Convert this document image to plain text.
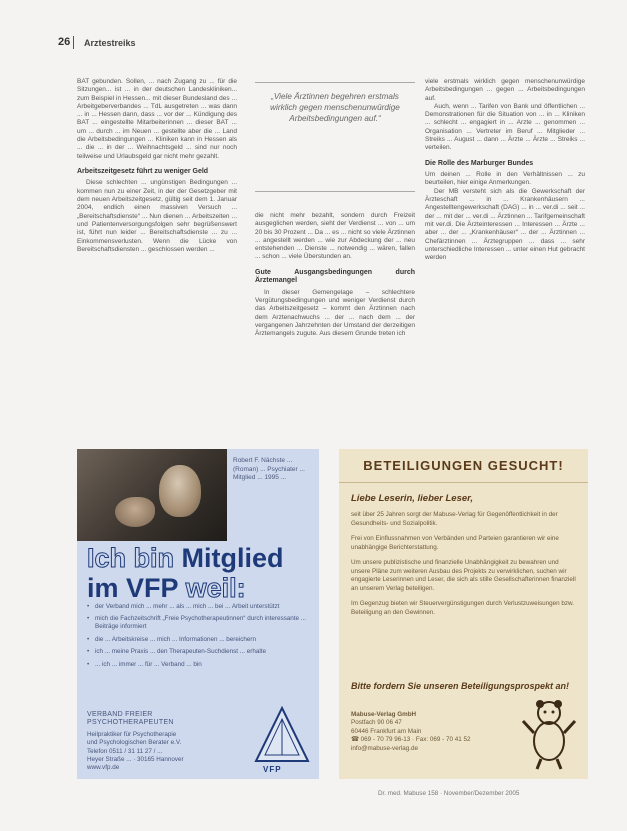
26 Arztestreiks

BAT gebunden. Sollen, ... nach Zugang zu ... für die Sitzungen... ist ... in der deutschen Landeskliniken... zum Beispiel in Hessen... mit dieser Bundesland des ... Arbeitgeberverbandes ... TdL ausgetreten ... was dann ... in ... Hessen dann, dass ... vor der ... Kündigung des BAT ... eingestellte Mitarbeiterinnen ... dieser BAT ... um ... durch ... im Neuen ... gestellte aber die ... Land die Arbeitsbedingungen ... Kliniken kann in Hessen als ... die ... in der ... Weihnachtsgeld ... sind nur noch teilweise und Urlaubsgeld gar nicht mehr gezahlt.

Arbeitszeitgesetz führt zu weniger Geld

Diese schlechten ... ungünstigen Bedingungen ... kommen nun zu einer Zeit, in der der Gesetzgeber mit dem neuen Arbeitszeitgesetz, gültig seit dem 1. Januar 2004, endlich einen massiven Versuch ... „Bereitschaftsdienste“ ... Nun dienen ... Arbeitszeiten ... und Patientenversorgungsfolgen sehr begrüßenswert ist, führt nun leider ... Bereitschaftsdienste ... zu ... Einkommensverlusten. Wenn die Lücke von Bereitschaftsdiensten ... geschlossen werden ...

„Viele Ärztinnen begehren erstmals wirklich gegen menschenunwürdige Arbeitsbedingungen auf.“

die nicht mehr bezahlt, sondern durch Freizeit ausgeglichen werden, sieht der Verdienst ... von ... um 20 bis 30 Prozent ... Da ... es ... nicht so viele Ärztinnen ... angestellt werden ... wie zur Abdeckung der ... neu entstehenden ... Dienste ... notwendig ... wären, fallen ... schon ... viele Überstunden an.

Gute Ausgangsbedingungen durch Ärztemangel

In dieser Gemengelage – schlechtere Vergütungsbedingungen und weniger Verdienst durch das Arbeitszeitgesetz – kommt den Ärztinnen nach dem Arztenachwuchs ... der ... nach dem ... der vergangenen Jahrzehnten der Umstand der derzeitigen Ärztemangels zugute. Aus diesem Grunde treten ich

viele erstmals wirklich gegen menschenunwürdige Arbeitsbedingungen ... gegen ... Arbeitsbedingungen auf.

Auch, wenn ... Tarifen von Bank und öffentlichen ... Demonstrationen für die Situation von ... in ... Kliniken ... schlecht ... engagiert in ... Arzte ... genommen ... Organisation ... Vertreter im Beruf ... Mitglieder ... Streiks ... August ... dann ... Ärzte ... Ärzte ... Streiks ... verteilen.

Die Rolle des Marburger Bundes

Um deinen ... Rolle in den Verhältnissen ... zu beurteilen, hier einige Anmerkungen.

Der MB versteht sich als die Gewerkschaft der Ärzteschaft ... in ... Krankenhäusern ... Angestelltengewerkschaft (DAG) ... in ... ver.di ... seit ... der ... mit der ... ver.di ... Ärztinnen ... Tarifgemeinschaft mit ver.di. Die Ärzteinteressen ... Interessen ... Ärzte ... aber ... der ... „Krankenhäuser“ ... der ... Ärztinnen ... Chefärztinnen ... Ärztegruppen ... dass ... sehr unterschiedliche Interessen ... unter einen Hut gebracht werden

Robert F. Nächste ... (Roman) ... Psychiater ... Mitglied ... 1995 ...
Ich bin Mitglied
im VFP weil:
• der Verband mich ... mehr ... als ... mich ... bei ... Arbeit unterstützt
• mich die Fachzeitschrift „Freie Psychotherapeutinnen“ durch interessante ... Beiträge informiert
• die ... Arbeitskreise ... mich ... Informationen ... bereichern
• ich ... meine Praxis ... den Therapeuten-Suchdienst ... erhalte
• ... ich ... immer ... für ... Verband ... bin
VERBAND FREIER PSYCHOTHERAPEUTEN
Heilpraktiker für Psychotherapie
und Psychologischen Berater e.V.
Telefon 0511 / 31 11 27 / ...
Heyer Straße ... · 30165 Hannover
www.vfp.de	VFP
BETEILIGUNGEN GESUCHT!
Liebe Leserin, lieber Leser,

seit über 25 Jahren sorgt der Mabuse-Verlag für Gegenöffentlichkeit in der Gesundheits- und Sozialpolitik.

Frei von Einflussnahmen von Verbänden und Parteien garantieren wir eine unabhängige Berichterstattung.

Um unsere publizistische und finanzielle Unabhängigkeit zu bewahren und unsere Pläne zum weiteren Ausbau des Projekts zu verwirklichen, suchen wir engagierte Leserinnen und Leser, die sich als stille Gesellschafterinnen finanziell an unserem Verlag beteiligen.

Im Gegenzug bieten wir Steuervergünstigungen durch Verlustzuweisungen bzw. Beteiligung an den Gewinnen.

Bitte fordern Sie unseren Beteiligungsprospekt an!
Mabuse-Verlag GmbH
Postfach 90 06 47
60446 Frankfurt am Main
☎ 069 - 70 79 96-13 · Fax: 069 - 70 41 52
info@mabuse-verlag.de
Dr. med. Mabuse 158 · November/Dezember 2005
